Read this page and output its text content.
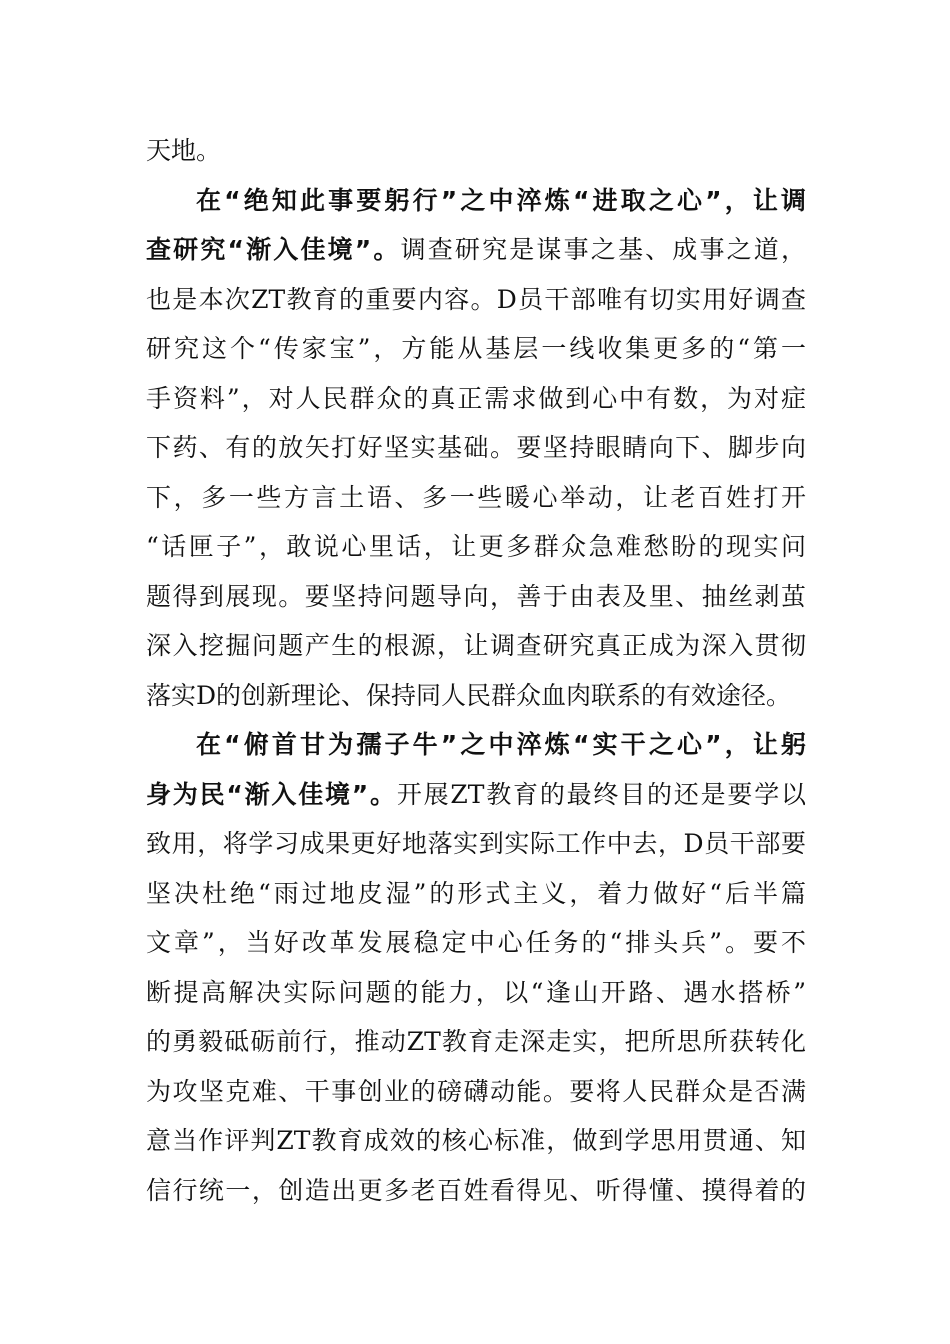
天地。
在“绝知此事要躬行”之中淬炼“进取之心”，让调
查研究“渐入佳境”。调查研究是谋事之基、成事之道，
也是本次ZT教育的重要内容。D员干部唯有切实用好调查
研究这个“传家宝”，方能从基层一线收集更多的“第一
手资料”，对人民群众的真正需求做到心中有数，为对症
下药、有的放矢打好坚实基础。要坚持眼睛向下、脚步向
下，多一些方言土语、多一些暖心举动，让老百姓打开
“话匣子”，敢说心里话，让更多群众急难愁盼的现实问
题得到展现。要坚持问题导向，善于由表及里、抽丝剥茧
深入挖掘问题产生的根源，让调查研究真正成为深入贯彻
落实D的创新理论、保持同人民群众血肉联系的有效途径。
在“俯首甘为孺子牛”之中淬炼“实干之心”，让躬
身为民“渐入佳境”。开展ZT教育的最终目的还是要学以
致用，将学习成果更好地落实到实际工作中去，D员干部要
坚决杜绝“雨过地皮湿”的形式主义，着力做好“后半篇
文章”，当好改革发展稳定中心任务的“排头兵”。要不
断提高解决实际问题的能力，以“逢山开路、遇水搭桥”
的勇毅砥砺前行，推动ZT教育走深走实，把所思所获转化
为攻坚克难、干事创业的磅礴动能。要将人民群众是否满
意当作评判ZT教育成效的核心标准，做到学思用贯通、知
信行统一，创造出更多老百姓看得见、听得懂、摸得着的
